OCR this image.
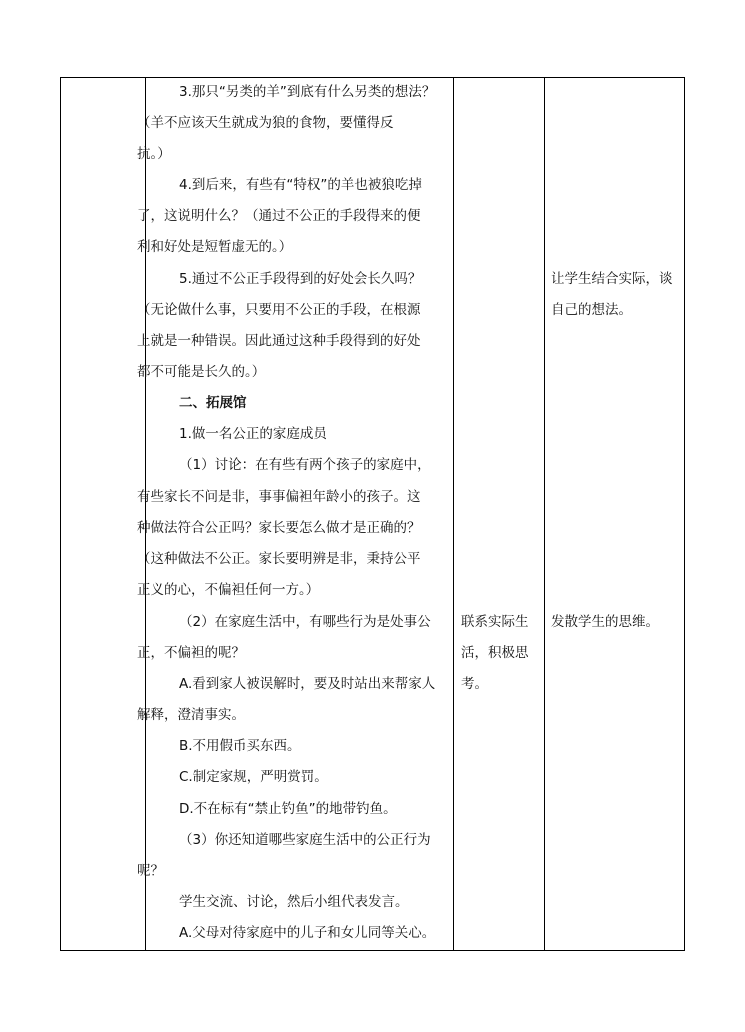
3.那只“另类的羊”到底有什么另类的想法？
（羊不应该天生就成为狼的食物，要懂得反
抗。）
4.到后来，有些有“特权”的羊也被狼吃掉
了，这说明什么？（通过不公正的手段得来的便
利和好处是短暂虚无的。）
5.通过不公正手段得到的好处会长久吗？
（无论做什么事，只要用不公正的手段，在根源
上就是一种错误。因此通过这种手段得到的好处
都不可能是长久的。）
二、拓展馆
1.做一名公正的家庭成员
（1）讨论：在有些有两个孩子的家庭中，
有些家长不问是非，事事偏袒年龄小的孩子。这
种做法符合公正吗？家长要怎么做才是正确的？
（这种做法不公正。家长要明辨是非，秉持公平
正义的心，不偏袒任何一方。）
（2）在家庭生活中，有哪些行为是处事公
正，不偏袒的呢？
A.看到家人被误解时，要及时站出来帮家人
解释，澄清事实。
B.不用假币买东西。
C.制定家规，严明赏罚。
D.不在标有“禁止钓鱼”的地带钓鱼。
（3）你还知道哪些家庭生活中的公正行为
呢？
学生交流、讨论，然后小组代表发言。
A.父母对待家庭中的儿子和女儿同等关心。
联系实际生
活，积极思
考。
让学生结合实际，谈
自己的想法。
发散学生的思维。
